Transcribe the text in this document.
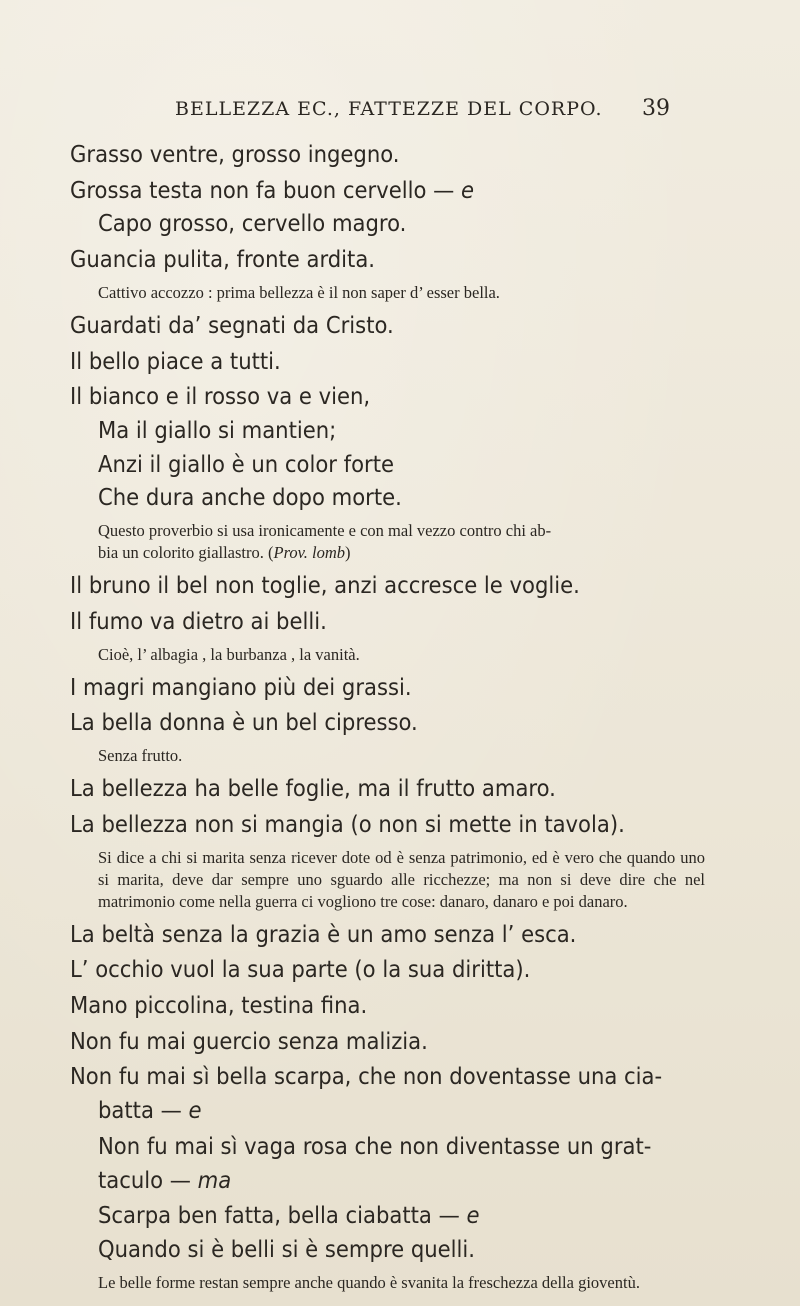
BELLEZZA EC., FATTEZZE DEL CORPO. 39
Grasso ventre, grosso ingegno.
Grossa testa non fa buon cervello — e
Capo grosso, cervello magro.
Guancia pulita, fronte ardita.
Cattivo accozzo : prima bellezza è il non saper d’ esser bella.
Guardati da’ segnati da Cristo.
Il bello piace a tutti.
Il bianco e il rosso va e vien,
Ma il giallo si mantien;
Anzi il giallo è un color forte
Che dura anche dopo morte.
Questo proverbio si usa ironicamente e con mal vezzo contro chi ab-
bia un colorito giallastro. (Prov. lomb)
Il bruno il bel non toglie, anzi accresce le voglie.
Il fumo va dietro ai belli.
Cioè, l’ albagia , la burbanza , la vanità.
I magri mangiano più dei grassi.
La bella donna è un bel cipresso.
Senza frutto.
La bellezza ha belle foglie, ma il frutto amaro.
La bellezza non si mangia (o non si mette in tavola).
Si dice a chi si marita senza ricever dote od è senza patrimonio, ed è vero che quando uno si marita, deve dar sempre uno sguardo alle ricchezze; ma non si deve dire che nel matrimonio come nella guerra ci vogliono tre cose: danaro, danaro e poi danaro.
La beltà senza la grazia è un amo senza l’ esca.
L’ occhio vuol la sua parte (o la sua diritta).
Mano piccolina, testina fina.
Non fu mai guercio senza malizia.
Non fu mai sì bella scarpa, che non doventasse una cia-
batta — e
Non fu mai sì vaga rosa che non diventasse un grat-
taculo — ma
Scarpa ben fatta, bella ciabatta — e
Quando si è belli si è sempre quelli.
Le belle forme restan sempre anche quando è svanita la freschezza della gioventù.
